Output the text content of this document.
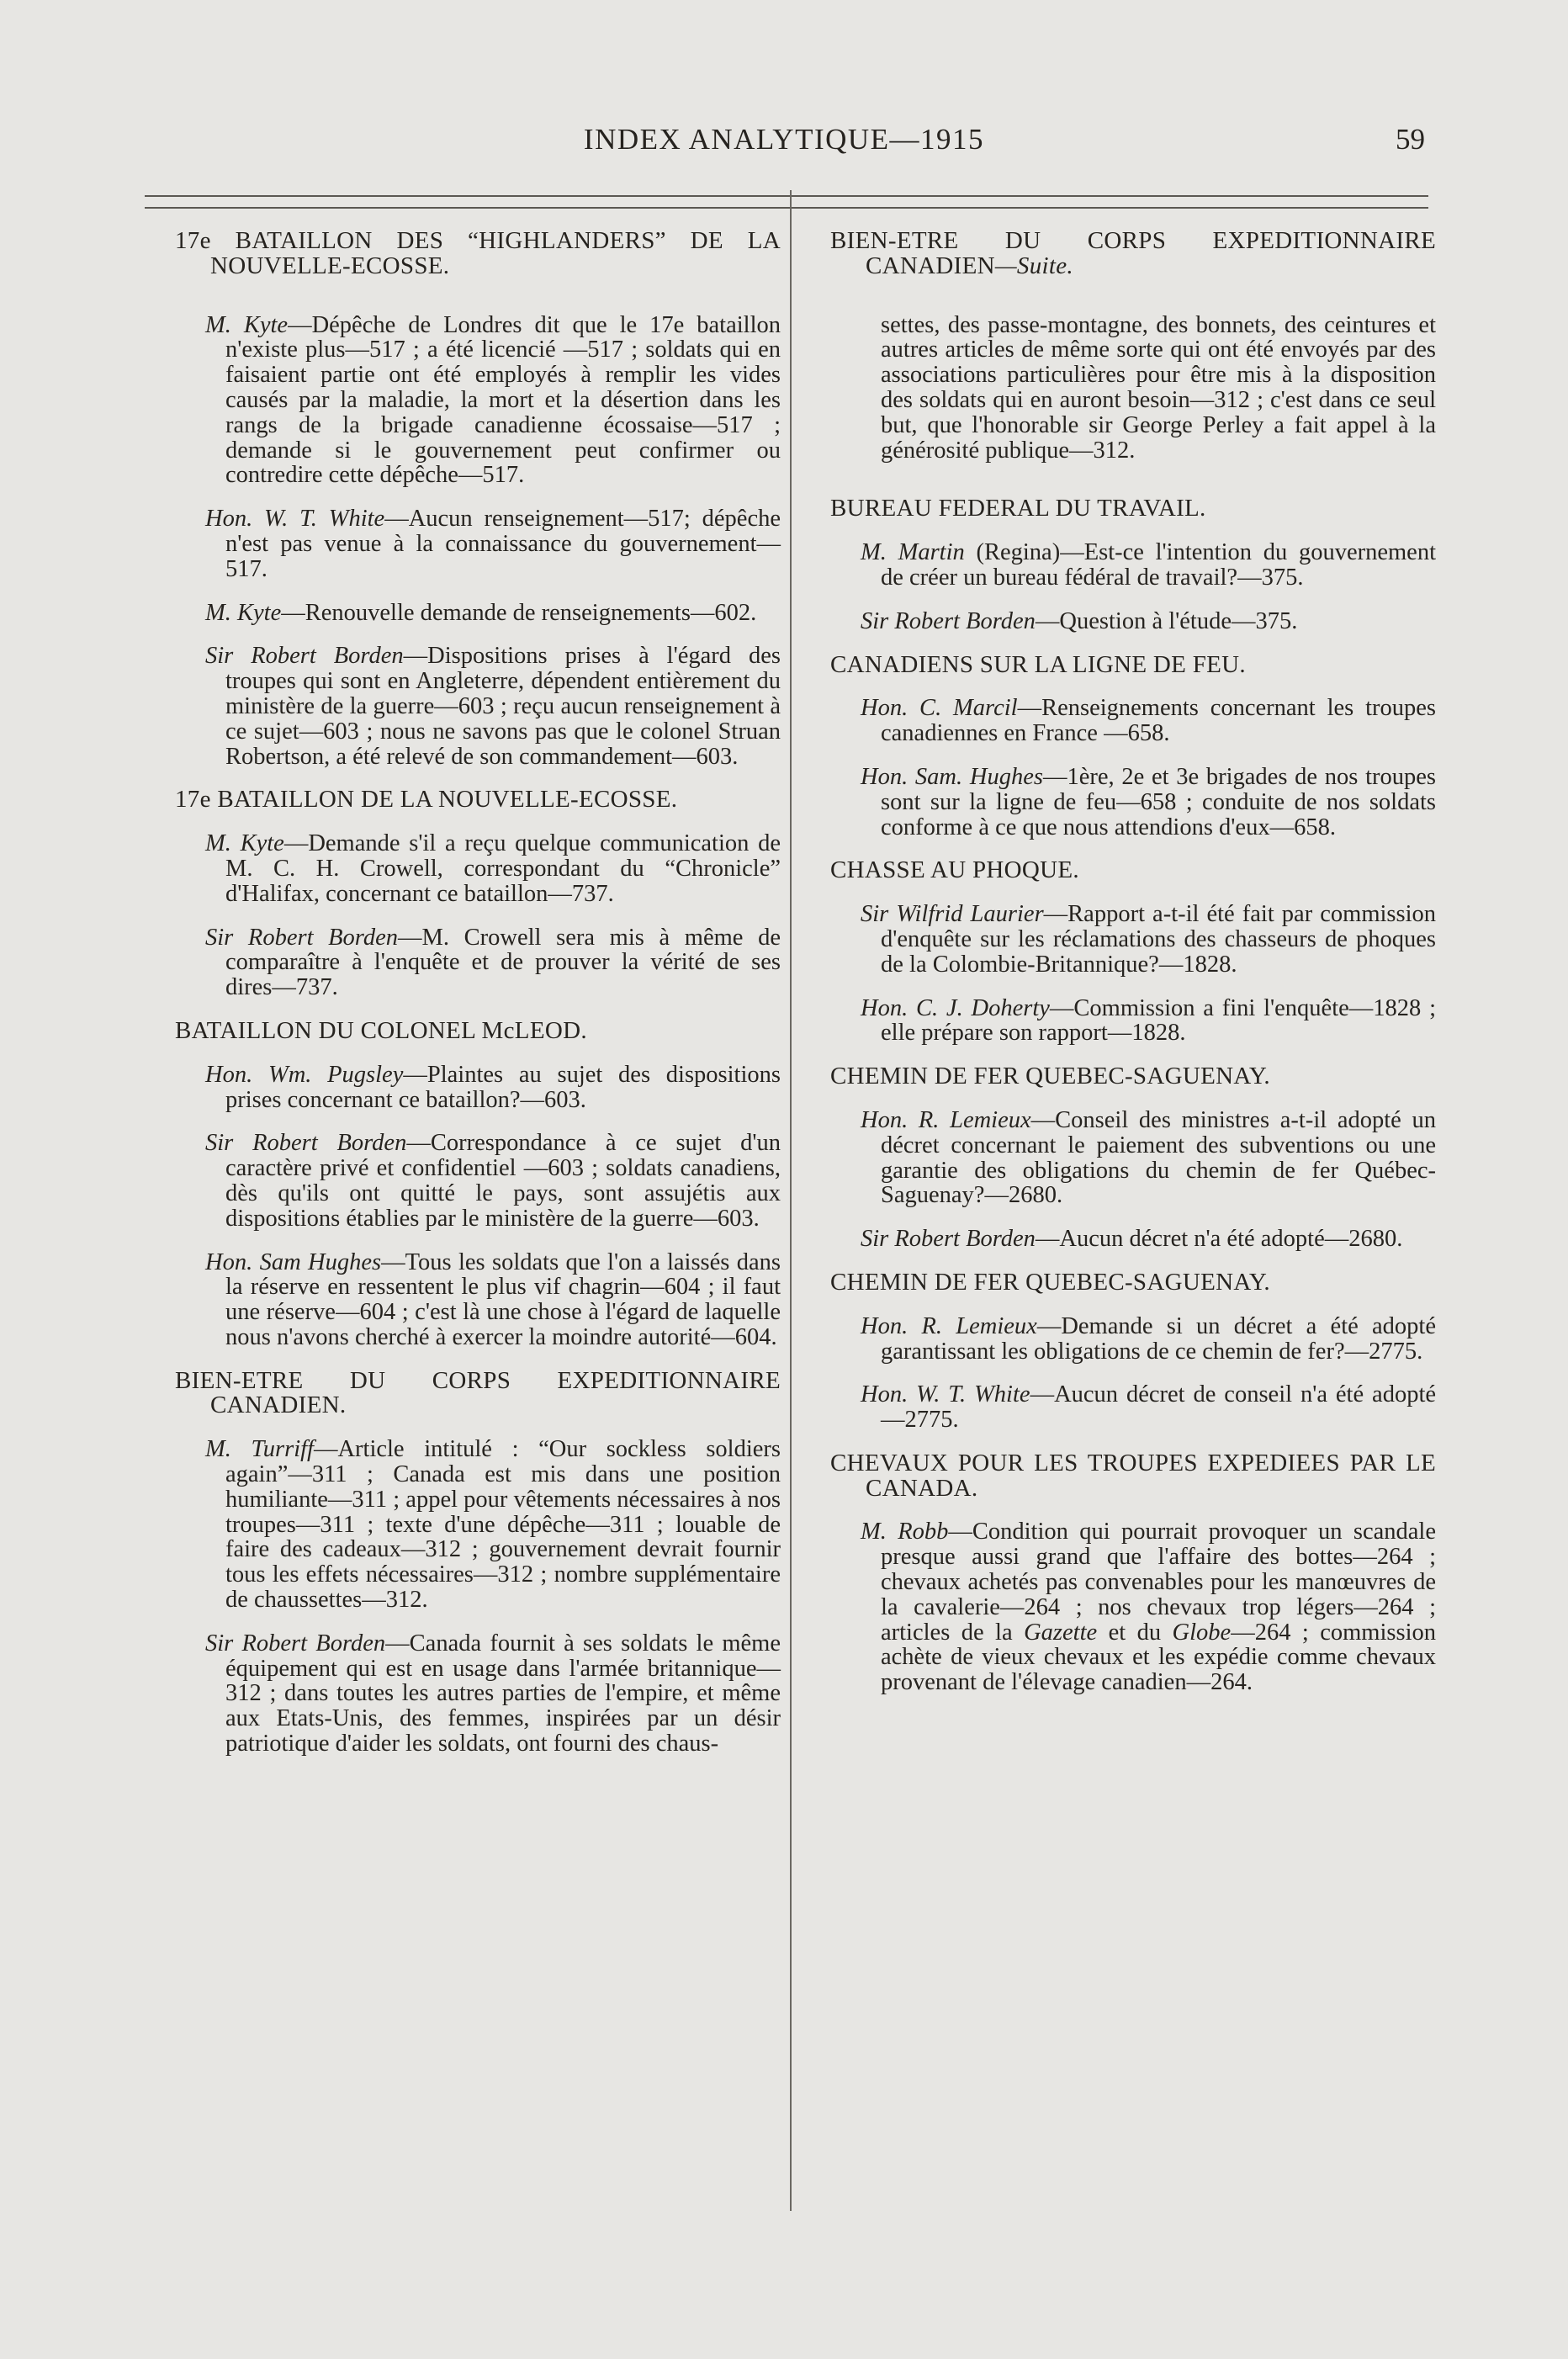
INDEX ANALYTIQUE—1915	59

17e BATAILLON DES “HIGHLANDERS” DE LA NOUVELLE-ECOSSE.

M. Kyte—Dépêche de Londres dit que le 17e bataillon n'existe plus—517 ; a été licencié —517 ; soldats qui en faisaient partie ont été employés à remplir les vides causés par la maladie, la mort et la désertion dans les rangs de la brigade canadienne écossaise—517 ; demande si le gouvernement peut confirmer ou contredire cette dépêche—517.

Hon. W. T. White—Aucun renseignement—517; dépêche n'est pas venue à la connaissance du gouvernement—517.

M. Kyte—Renouvelle demande de renseignements—602.

Sir Robert Borden—Dispositions prises à l'égard des troupes qui sont en Angleterre, dépendent entièrement du ministère de la guerre—603 ; reçu aucun renseignement à ce sujet—603 ; nous ne savons pas que le colonel Struan Robertson, a été relevé de son commandement—603.

17e BATAILLON DE LA NOUVELLE-ECOSSE.

M. Kyte—Demande s'il a reçu quelque communication de M. C. H. Crowell, correspondant du “Chronicle” d'Halifax, concernant ce bataillon—737.

Sir Robert Borden—M. Crowell sera mis à même de comparaître à l'enquête et de prouver la vérité de ses dires—737.

BATAILLON DU COLONEL McLEOD.

Hon. Wm. Pugsley—Plaintes au sujet des dispositions prises concernant ce bataillon?—603.

Sir Robert Borden—Correspondance à ce sujet d'un caractère privé et confidentiel —603 ; soldats canadiens, dès qu'ils ont quitté le pays, sont assujétis aux dispositions établies par le ministère de la guerre—603.

Hon. Sam Hughes—Tous les soldats que l'on a laissés dans la réserve en ressentent le plus vif chagrin—604 ; il faut une réserve—604 ; c'est là une chose à l'égard de laquelle nous n'avons cherché à exercer la moindre autorité—604.

BIEN-ETRE DU CORPS EXPEDITIONNAIRE CANADIEN.

M. Turriff—Article intitulé : “Our sockless soldiers again”—311 ; Canada est mis dans une position humiliante—311 ; appel pour vêtements nécessaires à nos troupes—311 ; texte d'une dépêche—311 ; louable de faire des cadeaux—312 ; gouvernement devrait fournir tous les effets nécessaires—312 ; nombre supplémentaire de chaussettes—312.

Sir Robert Borden—Canada fournit à ses soldats le même équipement qui est en usage dans l'armée britannique—312 ; dans toutes les autres parties de l'empire, et même aux Etats-Unis, des femmes, inspirées par un désir patriotique d'aider les soldats, ont fourni des chaus-

BIEN-ETRE DU CORPS EXPEDITIONNAIRE CANADIEN—Suite.

settes, des passe-montagne, des bonnets, des ceintures et autres articles de même sorte qui ont été envoyés par des associations particulières pour être mis à la disposition des soldats qui en auront besoin—312 ; c'est dans ce seul but, que l'honorable sir George Perley a fait appel à la générosité publique—312.

BUREAU FEDERAL DU TRAVAIL.

M. Martin (Regina)—Est-ce l'intention du gouvernement de créer un bureau fédéral de travail?—375.

Sir Robert Borden—Question à l'étude—375.

CANADIENS SUR LA LIGNE DE FEU.

Hon. C. Marcil—Renseignements concernant les troupes canadiennes en France —658.

Hon. Sam. Hughes—1ère, 2e et 3e brigades de nos troupes sont sur la ligne de feu—658 ; conduite de nos soldats conforme à ce que nous attendions d'eux—658.

CHASSE AU PHOQUE.

Sir Wilfrid Laurier—Rapport a-t-il été fait par commission d'enquête sur les réclamations des chasseurs de phoques de la Colombie-Britannique?—1828.

Hon. C. J. Doherty—Commission a fini l'enquête—1828 ; elle prépare son rapport—1828.

CHEMIN DE FER QUEBEC-SAGUENAY.

Hon. R. Lemieux—Conseil des ministres a-t-il adopté un décret concernant le paiement des subventions ou une garantie des obligations du chemin de fer Québec-Saguenay?—2680.

Sir Robert Borden—Aucun décret n'a été adopté—2680.

CHEMIN DE FER QUEBEC-SAGUENAY.

Hon. R. Lemieux—Demande si un décret a été adopté garantissant les obligations de ce chemin de fer?—2775.

Hon. W. T. White—Aucun décret de conseil n'a été adopté—2775.

CHEVAUX POUR LES TROUPES EXPEDIEES PAR LE CANADA.

M. Robb—Condition qui pourrait provoquer un scandale presque aussi grand que l'affaire des bottes—264 ; chevaux achetés pas convenables pour les manœuvres de la cavalerie—264 ; nos chevaux trop légers—264 ; articles de la Gazette et du Globe—264 ; commission achète de vieux chevaux et les expédie comme chevaux provenant de l'élevage canadien—264.
